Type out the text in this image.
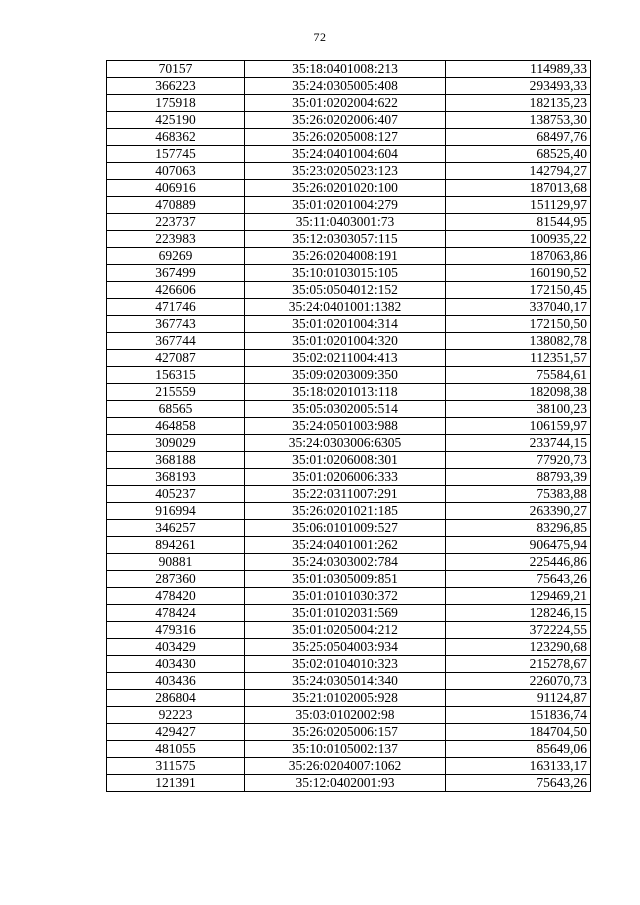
72
70157	35:18:0401008:213	114989,33
366223	35:24:0305005:408	293493,33
175918	35:01:0202004:622	182135,23
425190	35:26:0202006:407	138753,30
468362	35:26:0205008:127	68497,76
157745	35:24:0401004:604	68525,40
407063	35:23:0205023:123	142794,27
406916	35:26:0201020:100	187013,68
470889	35:01:0201004:279	151129,97
223737	35:11:0403001:73	81544,95
223983	35:12:0303057:115	100935,22
69269	35:26:0204008:191	187063,86
367499	35:10:0103015:105	160190,52
426606	35:05:0504012:152	172150,45
471746	35:24:0401001:1382	337040,17
367743	35:01:0201004:314	172150,50
367744	35:01:0201004:320	138082,78
427087	35:02:0211004:413	112351,57
156315	35:09:0203009:350	75584,61
215559	35:18:0201013:118	182098,38
68565	35:05:0302005:514	38100,23
464858	35:24:0501003:988	106159,97
309029	35:24:0303006:6305	233744,15
368188	35:01:0206008:301	77920,73
368193	35:01:0206006:333	88793,39
405237	35:22:0311007:291	75383,88
916994	35:26:0201021:185	263390,27
346257	35:06:0101009:527	83296,85
894261	35:24:0401001:262	906475,94
90881	35:24:0303002:784	225446,86
287360	35:01:0305009:851	75643,26
478420	35:01:0101030:372	129469,21
478424	35:01:0102031:569	128246,15
479316	35:01:0205004:212	372224,55
403429	35:25:0504003:934	123290,68
403430	35:02:0104010:323	215278,67
403436	35:24:0305014:340	226070,73
286804	35:21:0102005:928	91124,87
92223	35:03:0102002:98	151836,74
429427	35:26:0205006:157	184704,50
481055	35:10:0105002:137	85649,06
311575	35:26:0204007:1062	163133,17
121391	35:12:0402001:93	75643,26
